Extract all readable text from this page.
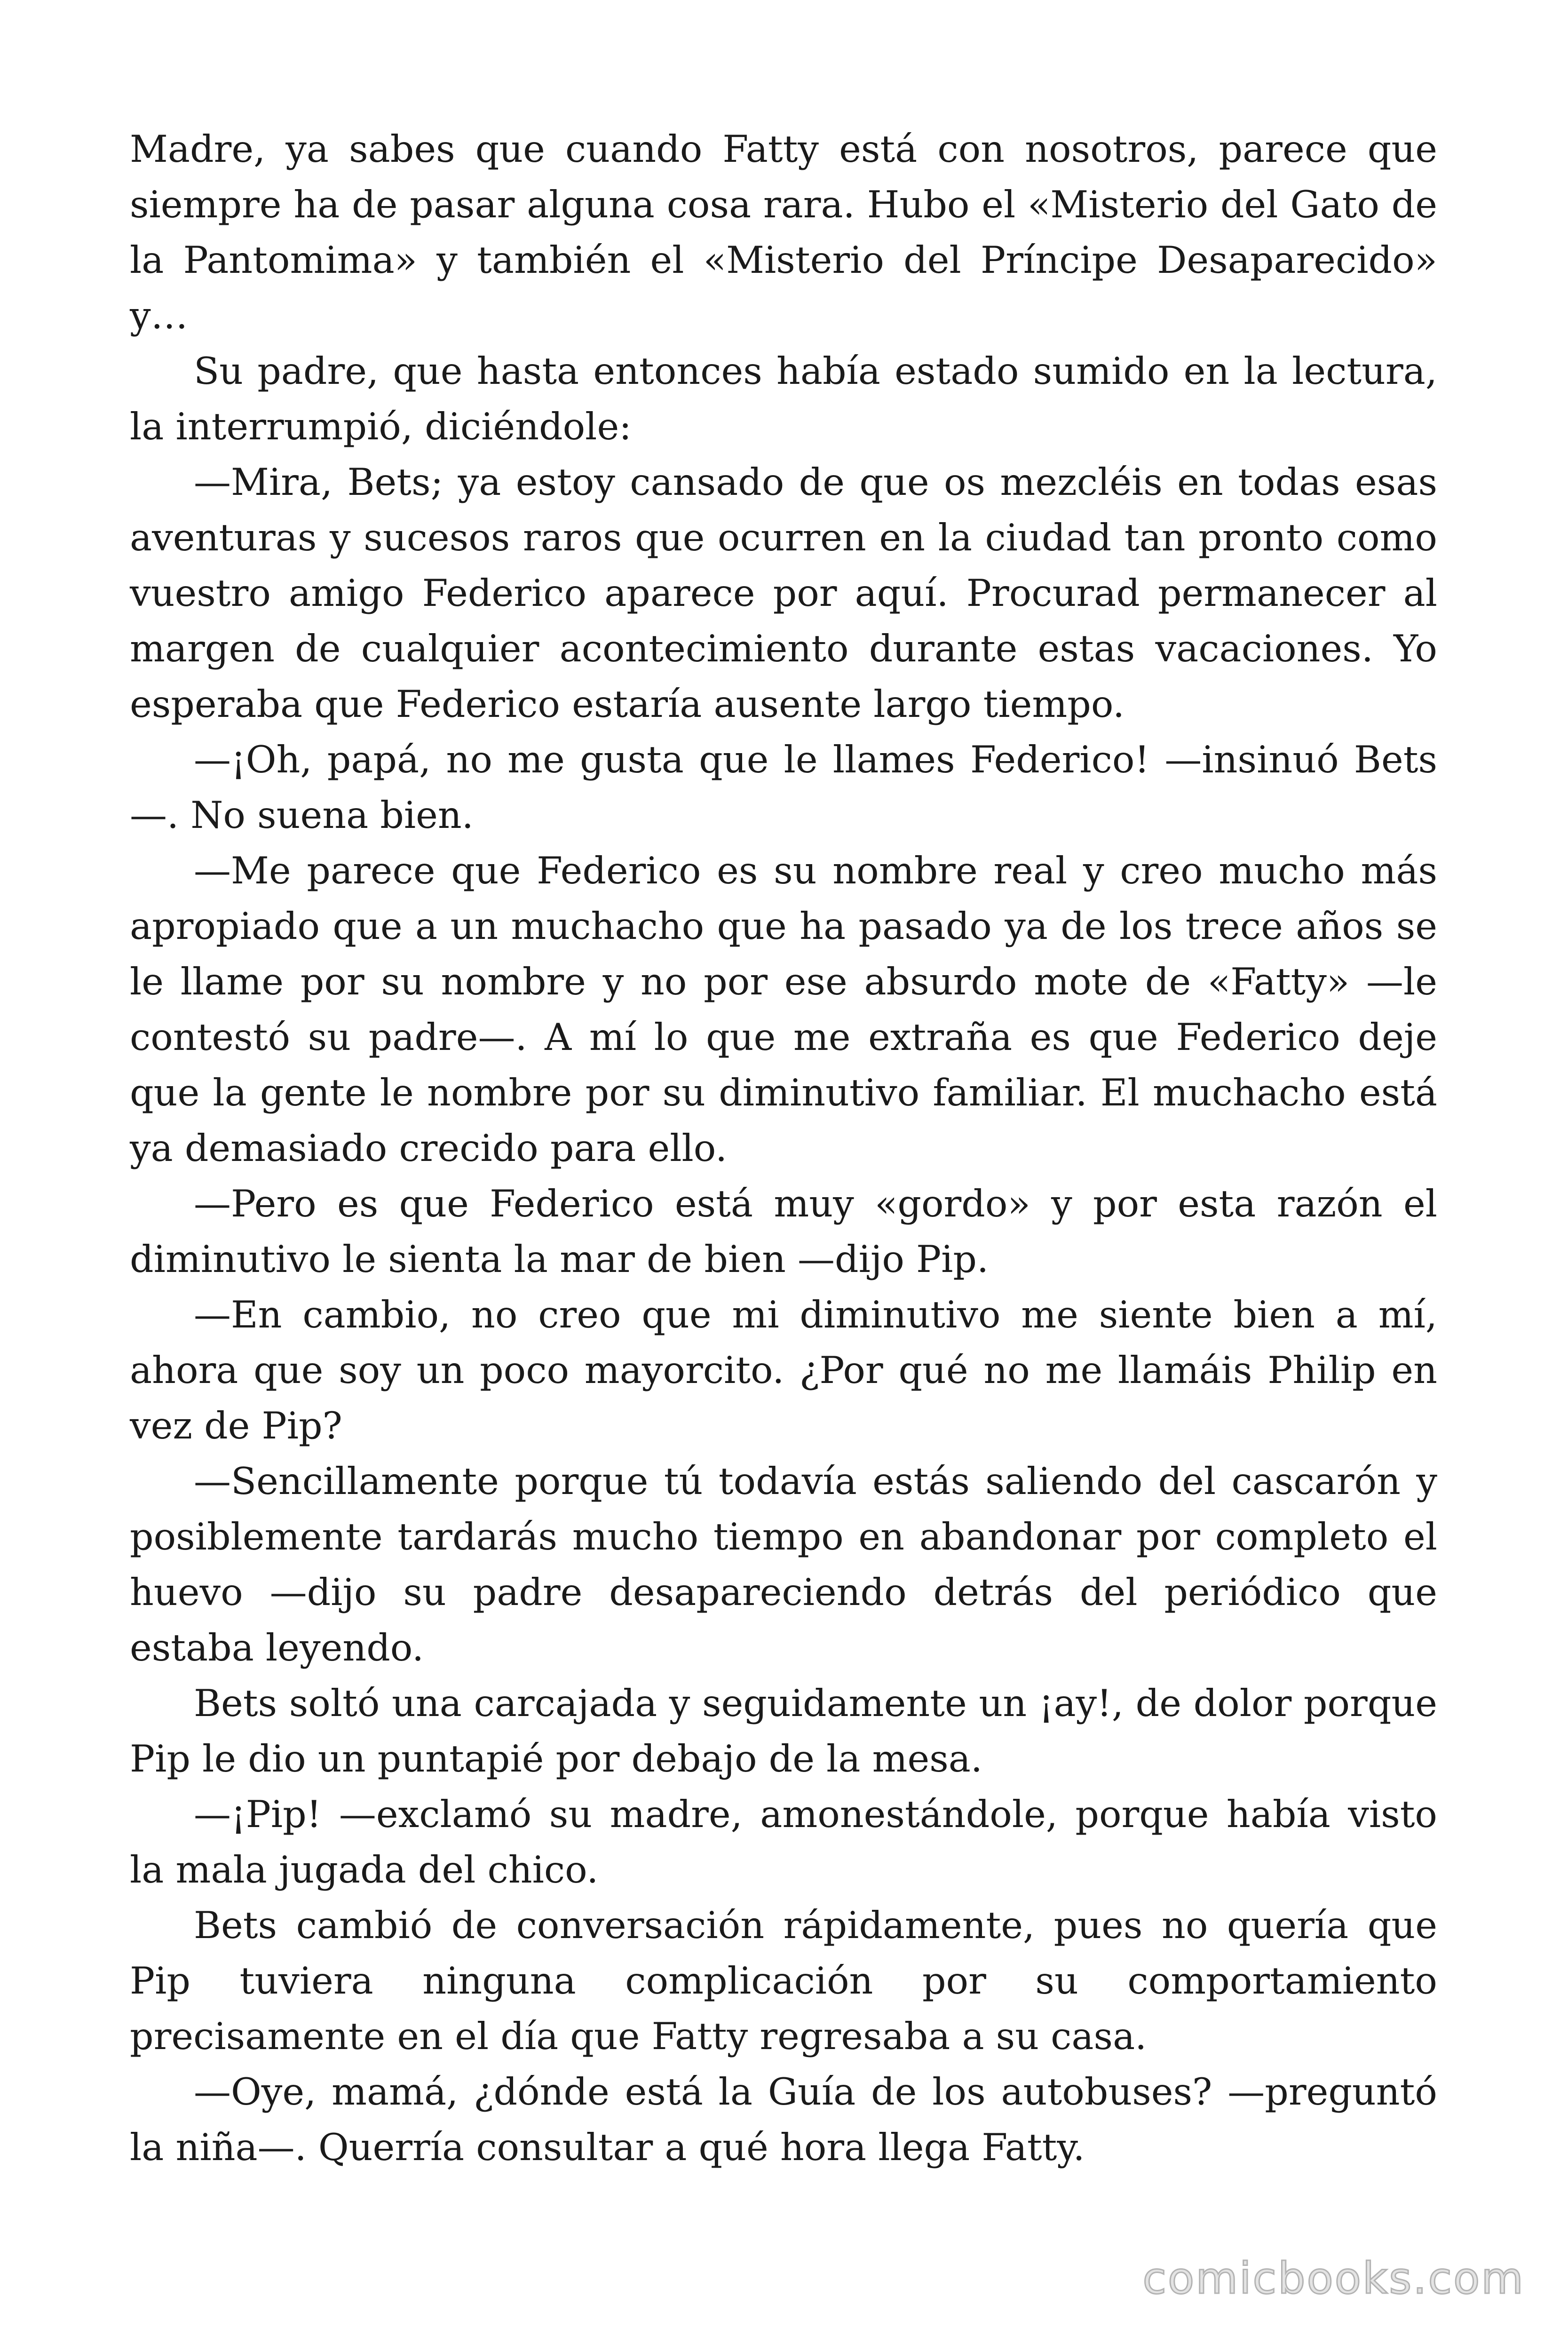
Madre, ya sabes que cuando Fatty está con nosotros, parece que siempre ha de pasar alguna cosa rara. Hubo el «Misterio del Gato de la Pantomima» y también el «Misterio del Príncipe Desaparecido» y…

Su padre, que hasta entonces había estado sumido en la lectura, la interrumpió, diciéndole:

—Mira, Bets; ya estoy cansado de que os mezcléis en todas esas aventuras y sucesos raros que ocurren en la ciudad tan pronto como vuestro amigo Federico aparece por aquí. Procurad permanecer al margen de cualquier acontecimiento durante estas vacaciones. Yo esperaba que Federico estaría ausente largo tiempo.

—¡Oh, papá, no me gusta que le llames Federico! —insinuó Bets —. No suena bien.

—Me parece que Federico es su nombre real y creo mucho más apropiado que a un muchacho que ha pasado ya de los trece años se le llame por su nombre y no por ese absurdo mote de «Fatty» —le contestó su padre—. A mí lo que me extraña es que Federico deje que la gente le nombre por su diminutivo familiar. El muchacho está ya demasiado crecido para ello.

—Pero es que Federico está muy «gordo» y por esta razón el diminutivo le sienta la mar de bien —dijo Pip.

—En cambio, no creo que mi diminutivo me siente bien a mí, ahora que soy un poco mayorcito. ¿Por qué no me llamáis Philip en vez de Pip?

—Sencillamente porque tú todavía estás saliendo del cascarón y posiblemente tardarás mucho tiempo en abandonar por completo el huevo —dijo su padre desapareciendo detrás del periódico que estaba leyendo.

Bets soltó una carcajada y seguidamente un ¡ay!, de dolor porque Pip le dio un puntapié por debajo de la mesa.

—¡Pip! —exclamó su madre, amonestándole, porque había visto la mala jugada del chico.

Bets cambió de conversación rápidamente, pues no quería que Pip tuviera ninguna complicación por su comportamiento precisamente en el día que Fatty regresaba a su casa.

—Oye, mamá, ¿dónde está la Guía de los autobuses? —preguntó la niña—. Querría consultar a qué hora llega Fatty.

comicbooks.com
